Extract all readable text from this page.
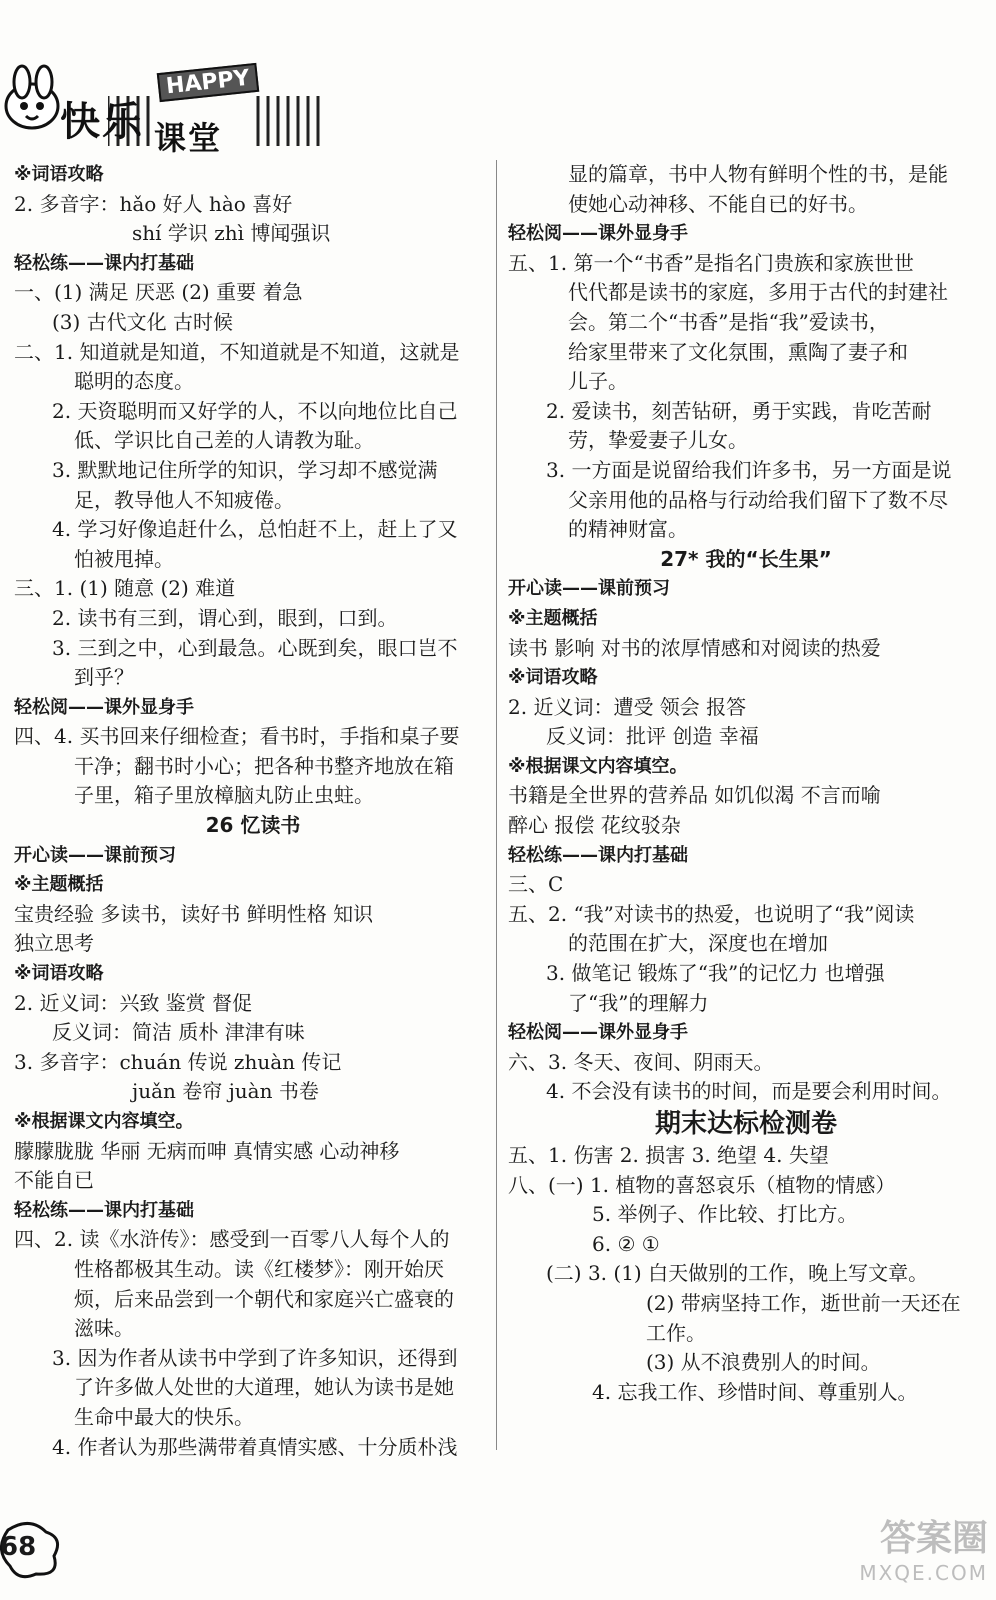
HAPPY
快乐 $_{课堂}$
※词语攻略
2. 多音字：hǎo 好人 hào 喜好
shí 学识 zhì 博闻强识
轻松练——课内打基础
一、(1) 满足 厌恶 (2) 重要 着急
(3) 古代文化 古时候
二、1. 知道就是知道，不知道就是不知道，这就是
聪明的态度。
2. 天资聪明而又好学的人，不以向地位比自己
低、学识比自己差的人请教为耻。
3. 默默地记住所学的知识，学习却不感觉满
足，教导他人不知疲倦。
4. 学习好像追赶什么，总怕赶不上，赶上了又
怕被甩掉。
三、1. (1) 随意 (2) 难道
2. 读书有三到，谓心到，眼到，口到。
3. 三到之中，心到最急。心既到矣，眼口岂不
到乎？
轻松阅——课外显身手
四、4. 买书回来仔细检查；看书时，手指和桌子要
干净；翻书时小心；把各种书整齐地放在箱
子里，箱子里放樟脑丸防止虫蛀。
26 忆读书
开心读——课前预习
※主题概括
宝贵经验 多读书，读好书 鲜明性格 知识
独立思考
※词语攻略
2. 近义词：兴致 鉴赏 督促
反义词：简洁 质朴 津津有味
3. 多音字：chuán 传说 zhuàn 传记
juǎn 卷帘 juàn 书卷
※根据课文内容填空。
朦朦胧胧 华丽 无病而呻 真情实感 心动神移
不能自已
轻松练——课内打基础
四、2. 读《水浒传》：感受到一百零八人每个人的
性格都极其生动。读《红楼梦》：刚开始厌
烦，后来品尝到一个朝代和家庭兴亡盛衰的
滋味。
3. 因为作者从读书中学到了许多知识，还得到
了许多做人处世的大道理，她认为读书是她
生命中最大的快乐。
4. 作者认为那些满带着真情实感、十分质朴浅
显的篇章，书中人物有鲜明个性的书，是能
使她心动神移、不能自已的好书。
轻松阅——课外显身手
五、1. 第一个“书香”是指名门贵族和家族世世
代代都是读书的家庭，多用于古代的封建社
会。第二个“书香”是指“我”爱读书，
给家里带来了文化氛围，熏陶了妻子和
儿子。
2. 爱读书，刻苦钻研，勇于实践，肯吃苦耐
劳，挚爱妻子儿女。
3. 一方面是说留给我们许多书，另一方面是说
父亲用他的品格与行动给我们留下了数不尽
的精神财富。
27* 我的“长生果”
开心读——课前预习
※主题概括
读书 影响 对书的浓厚情感和对阅读的热爱
※词语攻略
2. 近义词：遭受 领会 报答
反义词：批评 创造 幸福
※根据课文内容填空。
书籍是全世界的营养品 如饥似渴 不言而喻
醉心 报偿 花纹驳杂
轻松练——课内打基础
三、C
五、2. “我”对读书的热爱，也说明了“我”阅读
的范围在扩大，深度也在增加
3. 做笔记 锻炼了“我”的记忆力 也增强
了“我”的理解力
轻松阅——课外显身手
六、3. 冬天、夜间、阴雨天。
4. 不会没有读书的时间，而是要会利用时间。
期末达标检测卷
五、1. 伤害 2. 损害 3. 绝望 4. 失望
八、(一) 1. 植物的喜怒哀乐（植物的情感）
5. 举例子、作比较、打比方。
6. ② ①
(二) 3. (1) 白天做别的工作，晚上写文章。
(2) 带病坚持工作，逝世前一天还在
工作。
(3) 从不浪费别人的时间。
4. 忘我工作、珍惜时间、尊重别人。
68	答案圈
MXQE.COM
